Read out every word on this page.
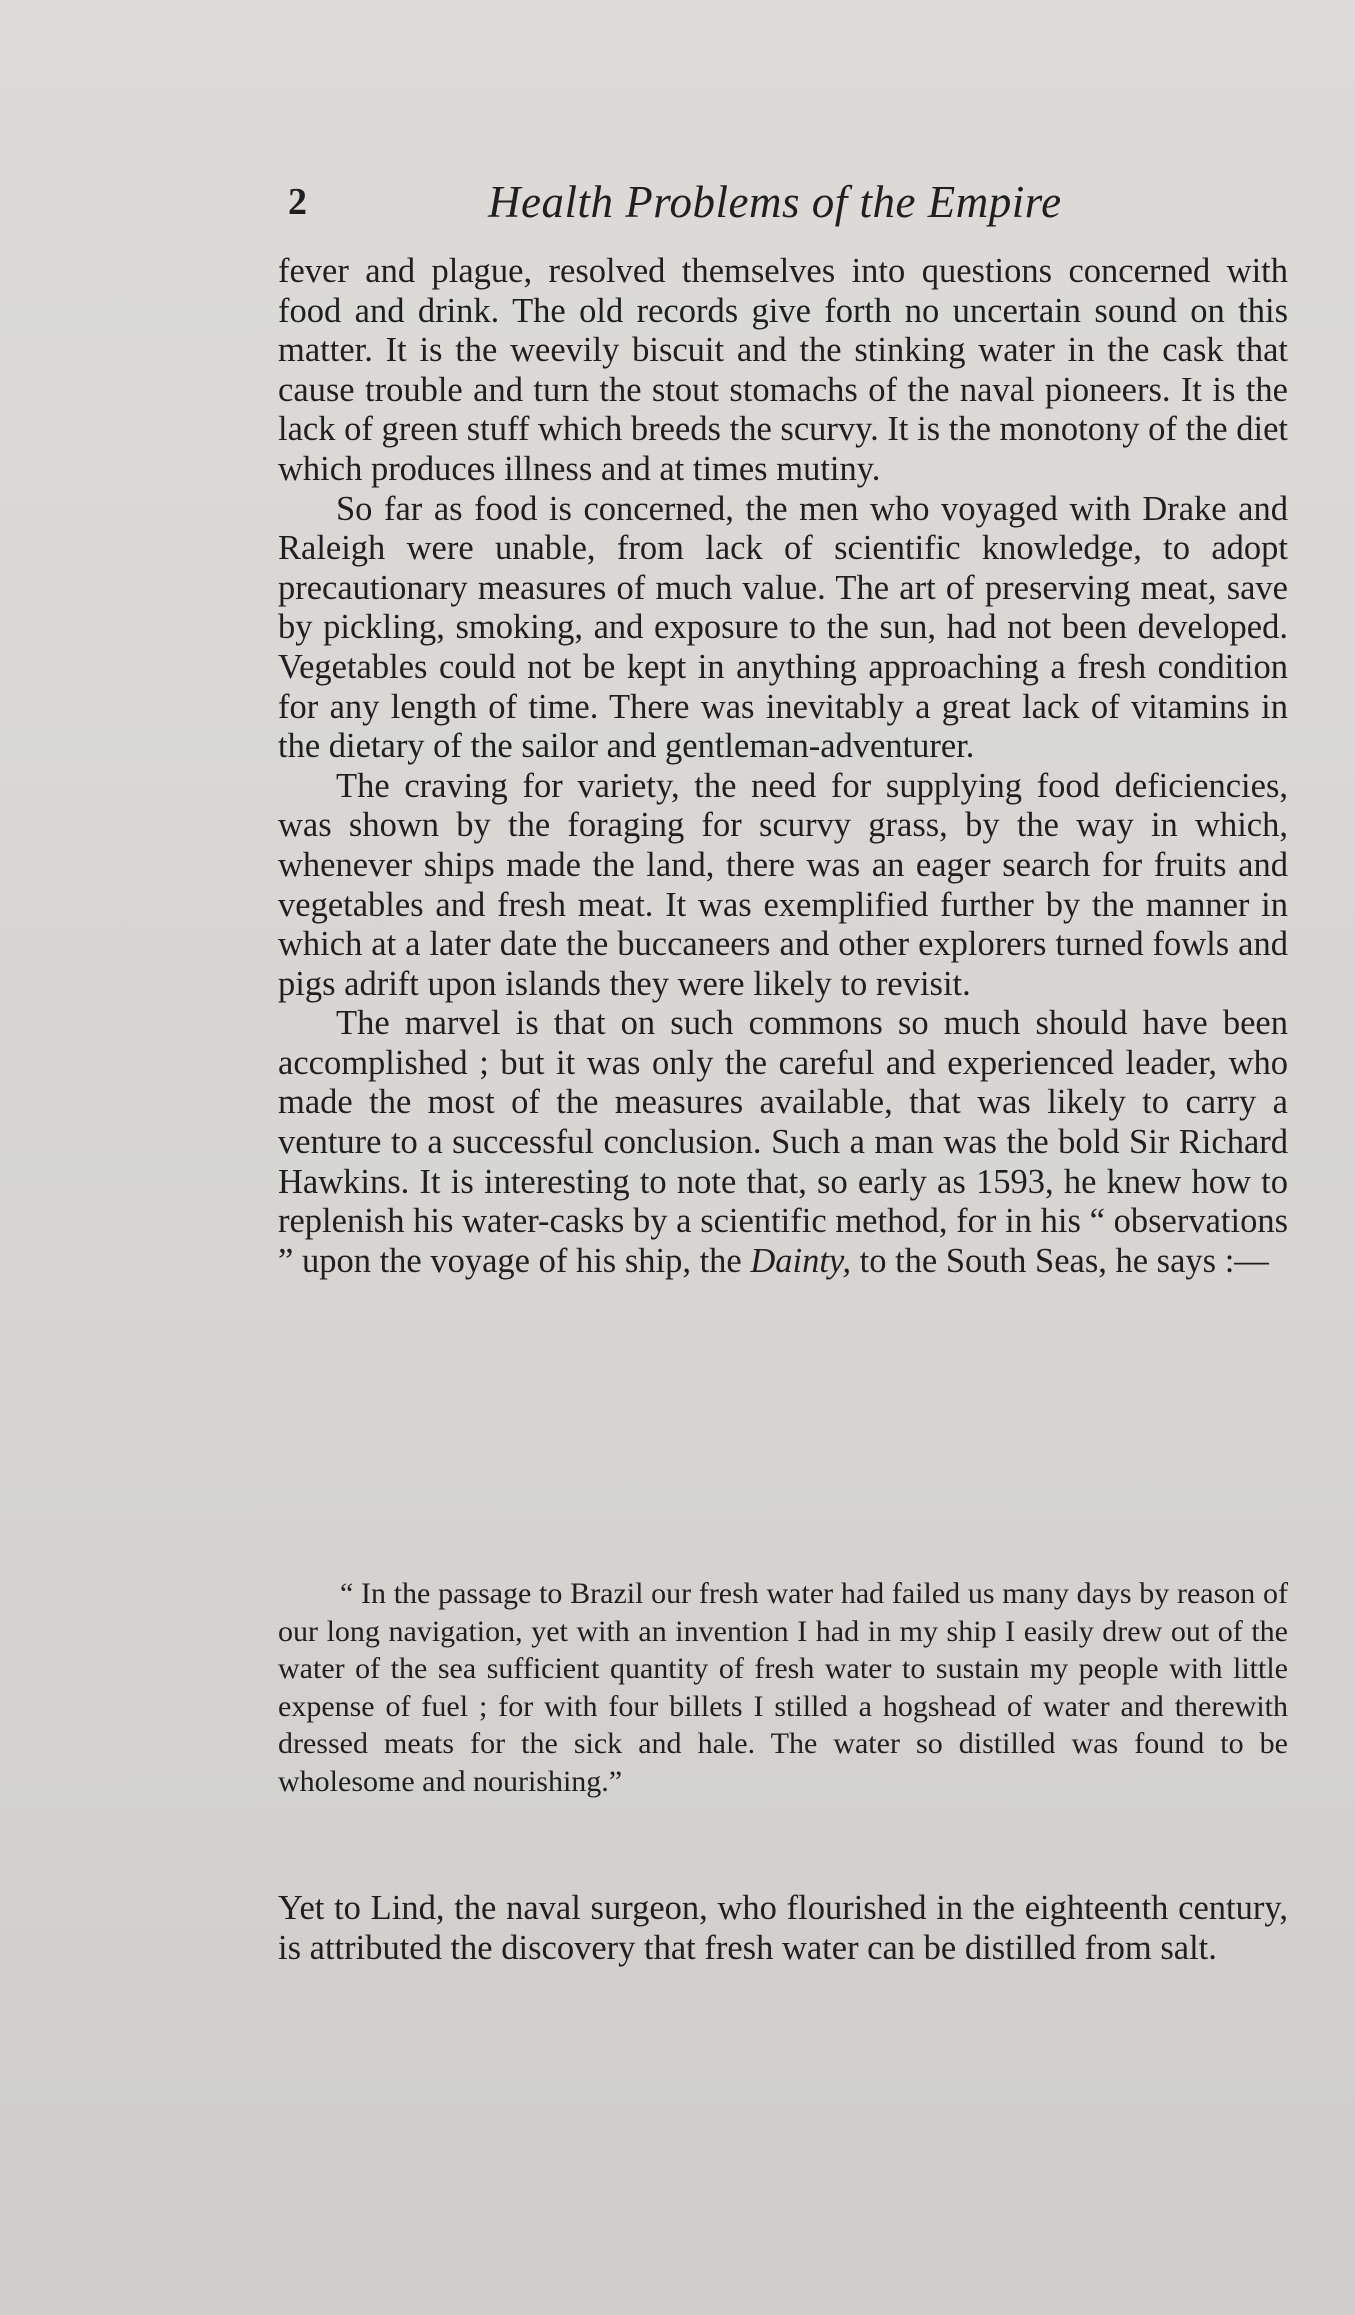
2	Health Problems of the Empire

fever and plague, resolved themselves into questions concerned with food and drink. The old records give forth no uncertain sound on this matter. It is the weevily biscuit and the stinking water in the cask that cause trouble and turn the stout stomachs of the naval pioneers. It is the lack of green stuff which breeds the scurvy. It is the monotony of the diet which produces illness and at times mutiny.

So far as food is concerned, the men who voyaged with Drake and Raleigh were unable, from lack of scientific knowledge, to adopt precautionary measures of much value. The art of preserving meat, save by pickling, smoking, and exposure to the sun, had not been developed. Vegetables could not be kept in anything approaching a fresh condition for any length of time. There was inevitably a great lack of vitamins in the dietary of the sailor and gentleman-adventurer.

The craving for variety, the need for supplying food deficiencies, was shown by the foraging for scurvy grass, by the way in which, whenever ships made the land, there was an eager search for fruits and vegetables and fresh meat. It was exemplified further by the manner in which at a later date the buccaneers and other explorers turned fowls and pigs adrift upon islands they were likely to revisit.

The marvel is that on such commons so much should have been accomplished ; but it was only the careful and experienced leader, who made the most of the measures available, that was likely to carry a venture to a successful conclusion. Such a man was the bold Sir Richard Hawkins. It is interesting to note that, so early as 1593, he knew how to replenish his water-casks by a scientific method, for in his “ observations ” upon the voyage of his ship, the Dainty, to the South Seas, he says :—

“ In the passage to Brazil our fresh water had failed us many days by reason of our long navigation, yet with an invention I had in my ship I easily drew out of the water of the sea sufficient quantity of fresh water to sustain my people with little expense of fuel ; for with four billets I stilled a hogshead of water and therewith dressed meats for the sick and hale. The water so distilled was found to be wholesome and nourishing.”

Yet to Lind, the naval surgeon, who flourished in the eighteenth century, is attributed the discovery that fresh water can be distilled from salt.
